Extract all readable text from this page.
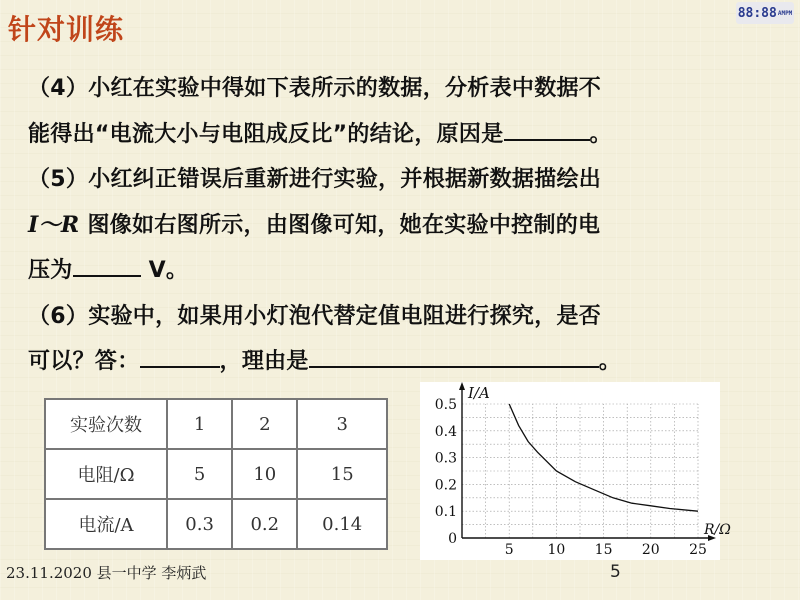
针对训练	88:88 AMPM
（4）小红在实验中得如下表所示的数据，分析表中数据不
能得出“电流大小与电阻成反比”的结论，原因是	。
（5）小红纠正错误后重新进行实验，并根据新数据描绘出
I～R 图像如右图所示，由图像可知，她在实验中控制的电
压为	V。
（6）实验中，如果用小灯泡代替定值电阻进行探究，是否
可以？答：	，理由是	。
实验次数	1	2	3
电阻/Ω	5	10	15
电流/A	0.3	0.2	0.14
5 10 15 20 25
0.1
0.2
0.3
0.4
0.5
0
R/Ω
I/A
23.11.2020 县一中学 李炳武	5
